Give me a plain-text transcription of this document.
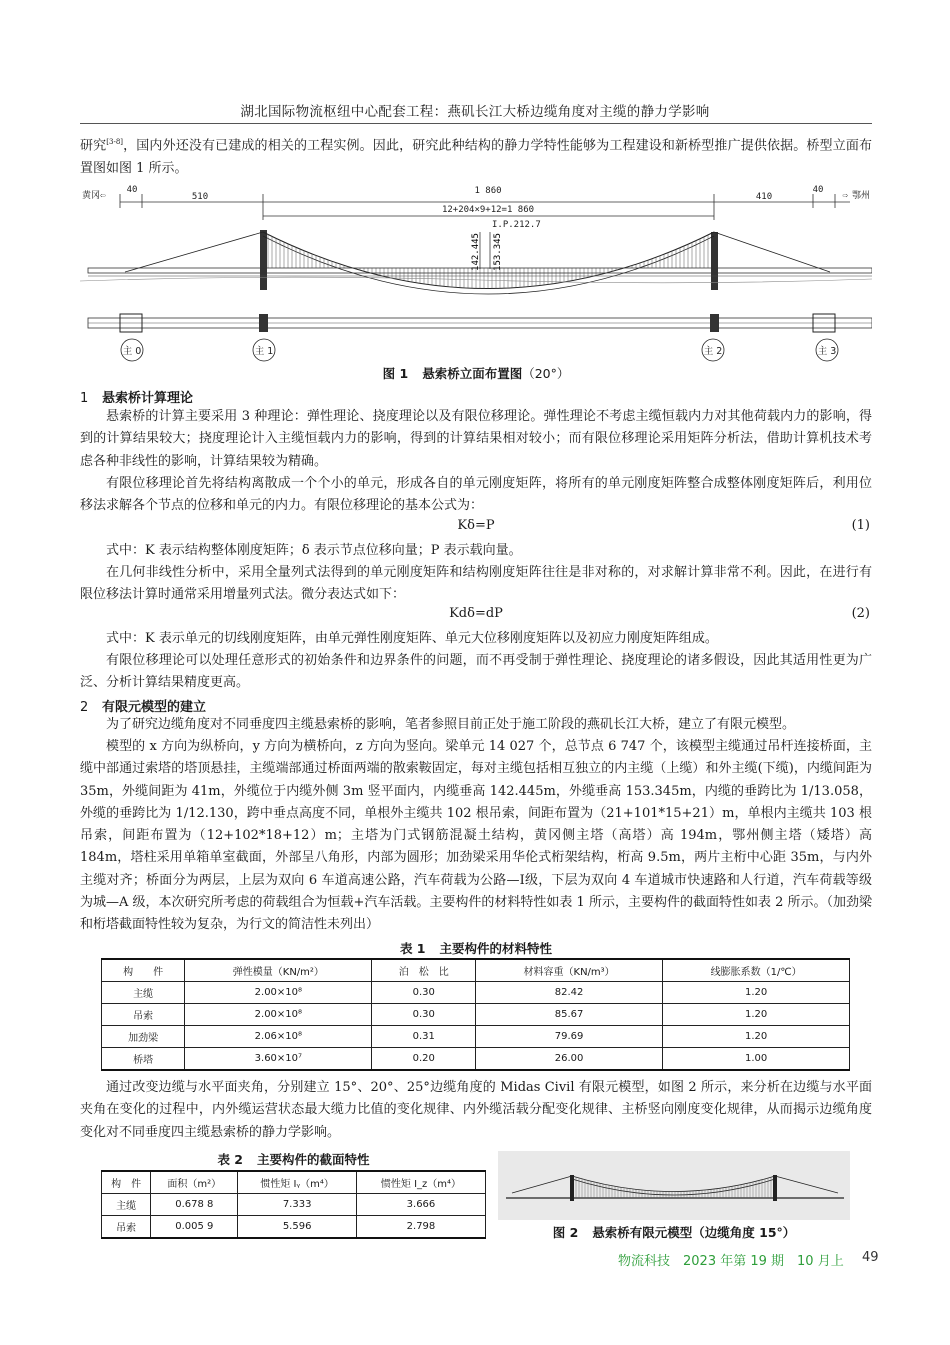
湖北国际物流枢纽中心配套工程：燕矶长江大桥边缆角度对主缆的静力学影响

研究[3-8]，国内外还没有已建成的相关的工程实例。因此，研究此种结构的静力学特性能够为工程建设和新桥型推广提供依据。桥型立面布置图如图 1 所示。

黄冈 ⇦	⇨ 鄂州
40
510
1 860
12+204×9+12=1 860
410
40
I.P.212.7
142.445 153.345
主 0	主 1	主 2	主 3
图 1 悬索桥立面布置图（20°）
1 悬索桥计算理论

悬索桥的计算主要采用 3 种理论：弹性理论、挠度理论以及有限位移理论。弹性理论不考虑主缆恒载内力对其他荷载内力的影响，得到的计算结果较大；挠度理论计入主缆恒载内力的影响，得到的计算结果相对较小；而有限位移理论采用矩阵分析法，借助计算机技术考虑各种非线性的影响，计算结果较为精确。

有限位移理论首先将结构离散成一个个小的单元，形成各自的单元刚度矩阵，将所有的单元刚度矩阵整合成整体刚度矩阵后，利用位移法求解各个节点的位移和单元的内力。有限位移理论的基本公式为：

Kδ=P	(1)

式中：K 表示结构整体刚度矩阵；δ 表示节点位移向量；P 表示载向量。

在几何非线性分析中，采用全量列式法得到的单元刚度矩阵和结构刚度矩阵往往是非对称的，对求解计算非常不利。因此，在进行有限位移法计算时通常采用增量列式法。微分表达式如下：

Kdδ=dP	(2)

式中：K 表示单元的切线刚度矩阵，由单元弹性刚度矩阵、单元大位移刚度矩阵以及初应力刚度矩阵组成。

有限位移理论可以处理任意形式的初始条件和边界条件的问题，而不再受制于弹性理论、挠度理论的诸多假设，因此其适用性更为广泛、分析计算结果精度更高。

2 有限元模型的建立

为了研究边缆角度对不同垂度四主缆悬索桥的影响，笔者参照目前正处于施工阶段的燕矶长江大桥，建立了有限元模型。

模型的 x 方向为纵桥向，y 方向为横桥向，z 方向为竖向。梁单元 14 027 个，总节点 6 747 个，该模型主缆通过吊杆连接桥面，主缆中部通过索塔的塔顶悬挂，主缆端部通过桥面两端的散索鞍固定，每对主缆包括相互独立的内主缆（上缆）和外主缆(下缆)，内缆间距为 35m，外缆间距为 41m，外缆位于内缆外侧 3m 竖平面内，内缆垂高 142.445m，外缆垂高 153.345m，内缆的垂跨比为 1/13.058，外缆的垂跨比为 1/12.130，跨中垂点高度不同，单根外主缆共 102 根吊索，间距布置为（21+101*15+21）m，单根内主缆共 103 根吊索，间距布置为（12+102*18+12）m；主塔为门式钢筋混凝土结构，黄冈侧主塔（高塔）高 194m，鄂州侧主塔（矮塔）高 184m，塔柱采用单箱单室截面，外部呈八角形，内部为圆形；加劲梁采用华伦式桁架结构，桁高 9.5m，两片主桁中心距 35m，与内外主缆对齐；桥面分为两层，上层为双向 6 车道高速公路，汽车荷载为公路—Ⅰ级，下层为双向 4 车道城市快速路和人行道，汽车荷载等级为城—A 级，本次研究所考虑的荷载组合为恒载+汽车活载。主要构件的材料特性如表 1 所示，主要构件的截面特性如表 2 所示。（加劲梁和桁塔截面特性较为复杂，为行文的简洁性未列出）

表 1 主要构件的材料特性
构　　件	弹性模量（KN/m²）	泊　松　比	材料容重（KN/m³）	线膨胀系数（1/℃）
主缆	2.00×10⁸	0.30	82.42	1.20
吊索	2.00×10⁸	0.30	85.67	1.20
加劲梁	2.06×10⁸	0.31	79.69	1.20
桥塔	3.60×10⁷	0.20	26.00	1.00

通过改变边缆与水平面夹角，分别建立 15°、20°、25°边缆角度的 Midas Civil 有限元模型，如图 2 所示，来分析在边缆与水平面夹角在变化的过程中，内外缆运营状态最大缆力比值的变化规律、内外缆活载分配变化规律、主桥竖向刚度变化规律，从而揭示边缆角度变化对不同垂度四主缆悬索桥的静力学影响。

表 2 主要构件的截面特性
构　件	面积（m²）	惯性矩 Iᵧ（m⁴）	惯性矩 I_z（m⁴）
主缆	0.678 8	7.333	3.666
吊索	0.005 9	5.596	2.798	图 2 悬索桥有限元模型（边缆角度 15°）
物流科技　2023 年第 19 期　10 月上 49
